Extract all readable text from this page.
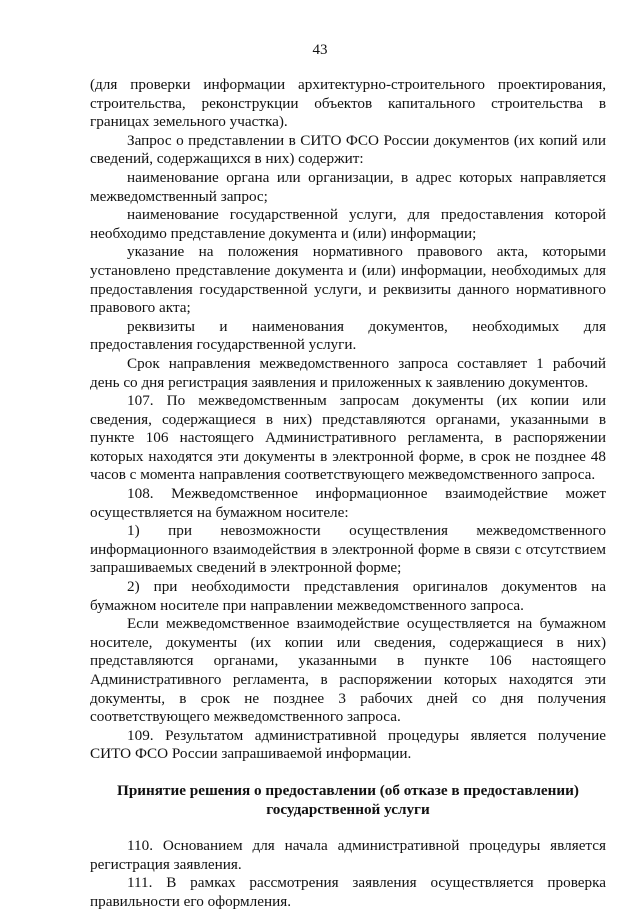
43

(для проверки информации архитектурно-строительного проектирования, строительства, реконструкции объектов капитального строительства в границах земельного участка).

Запрос о представлении в СИТО ФСО России документов (их копий или сведений, содержащихся в них) содержит:

наименование органа или организации, в адрес которых направляется межведомственный запрос;

наименование государственной услуги, для предоставления которой необходимо представление документа и (или) информации;

указание на положения нормативного правового акта, которыми установлено представление документа и (или) информации, необходимых для предоставления государственной услуги, и реквизиты данного нормативного правового акта;

реквизиты и наименования документов, необходимых для предоставления государственной услуги.

Срок направления межведомственного запроса составляет 1 рабочий день со дня регистрация заявления и приложенных к заявлению документов.

107. По межведомственным запросам документы (их копии или сведения, содержащиеся в них) представляются органами, указанными в пункте 106 настоящего Административного регламента, в распоряжении которых находятся эти документы в электронной форме, в срок не позднее 48 часов с момента направления соответствующего межведомственного запроса.

108. Межведомственное информационное взаимодействие может осуществляется на бумажном носителе:

1) при невозможности осуществления межведомственного информационного взаимодействия в электронной форме в связи с отсутствием запрашиваемых сведений в электронной форме;

2) при необходимости представления оригиналов документов на бумажном носителе при направлении межведомственного запроса.

Если межведомственное взаимодействие осуществляется на бумажном носителе, документы (их копии или сведения, содержащиеся в них) представляются органами, указанными в пункте 106 настоящего Административного регламента, в распоряжении которых находятся эти документы, в срок не позднее 3 рабочих дней со дня получения соответствующего межведомственного запроса.

109. Результатом административной процедуры является получение СИТО ФСО России запрашиваемой информации.

Принятие решения о предоставлении (об отказе в предоставлении) государственной услуги

110. Основанием для начала административной процедуры является регистрация заявления.

111. В рамках рассмотрения заявления осуществляется проверка правильности его оформления.
